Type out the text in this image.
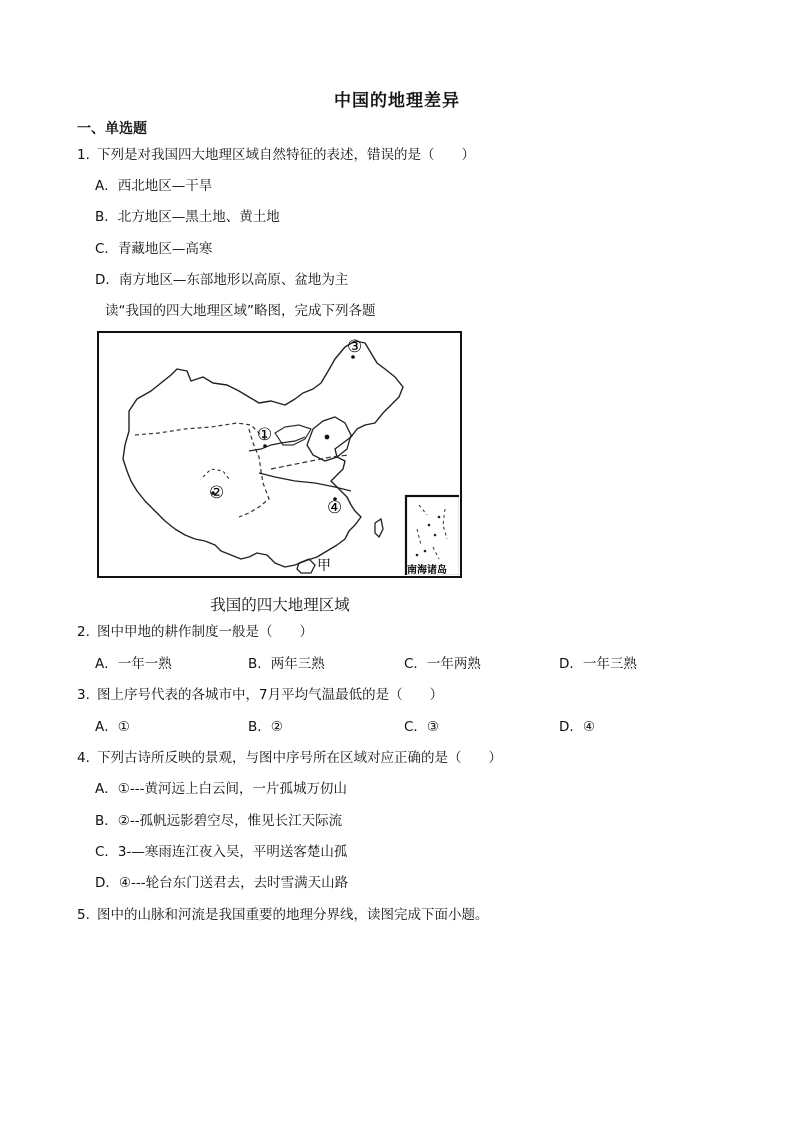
中国的地理差异
一、单选题
1．下列是对我国四大地理区域自然特征的表述，错误的是（　　）
A．西北地区—干旱
B．北方地区—黑土地、黄土地
C．青藏地区—高寒
D．南方地区—东部地形以高原、盆地为主
读“我国的四大地理区域”略图，完成下列各题
①
②
③
④
甲	南海诸岛
我国的四大地理区域
2．图中甲地的耕作制度一般是（　　）
A．一年一熟	B．两年三熟	C．一年两熟	D．一年三熟
3．图上序号代表的各城市中，7月平均气温最低的是（　　）
A．①	B．②	C．③	D．④
4．下列古诗所反映的景观，与图中序号所在区域对应正确的是（　　）
A．①---黄河远上白云间，一片孤城万仞山
B．②--孤帆远影碧空尽，惟见长江天际流
C．3-—寒雨连江夜入吴，平明送客楚山孤
D．④---轮台东门送君去，去时雪满天山路
5．图中的山脉和河流是我国重要的地理分界线，读图完成下面小题。
